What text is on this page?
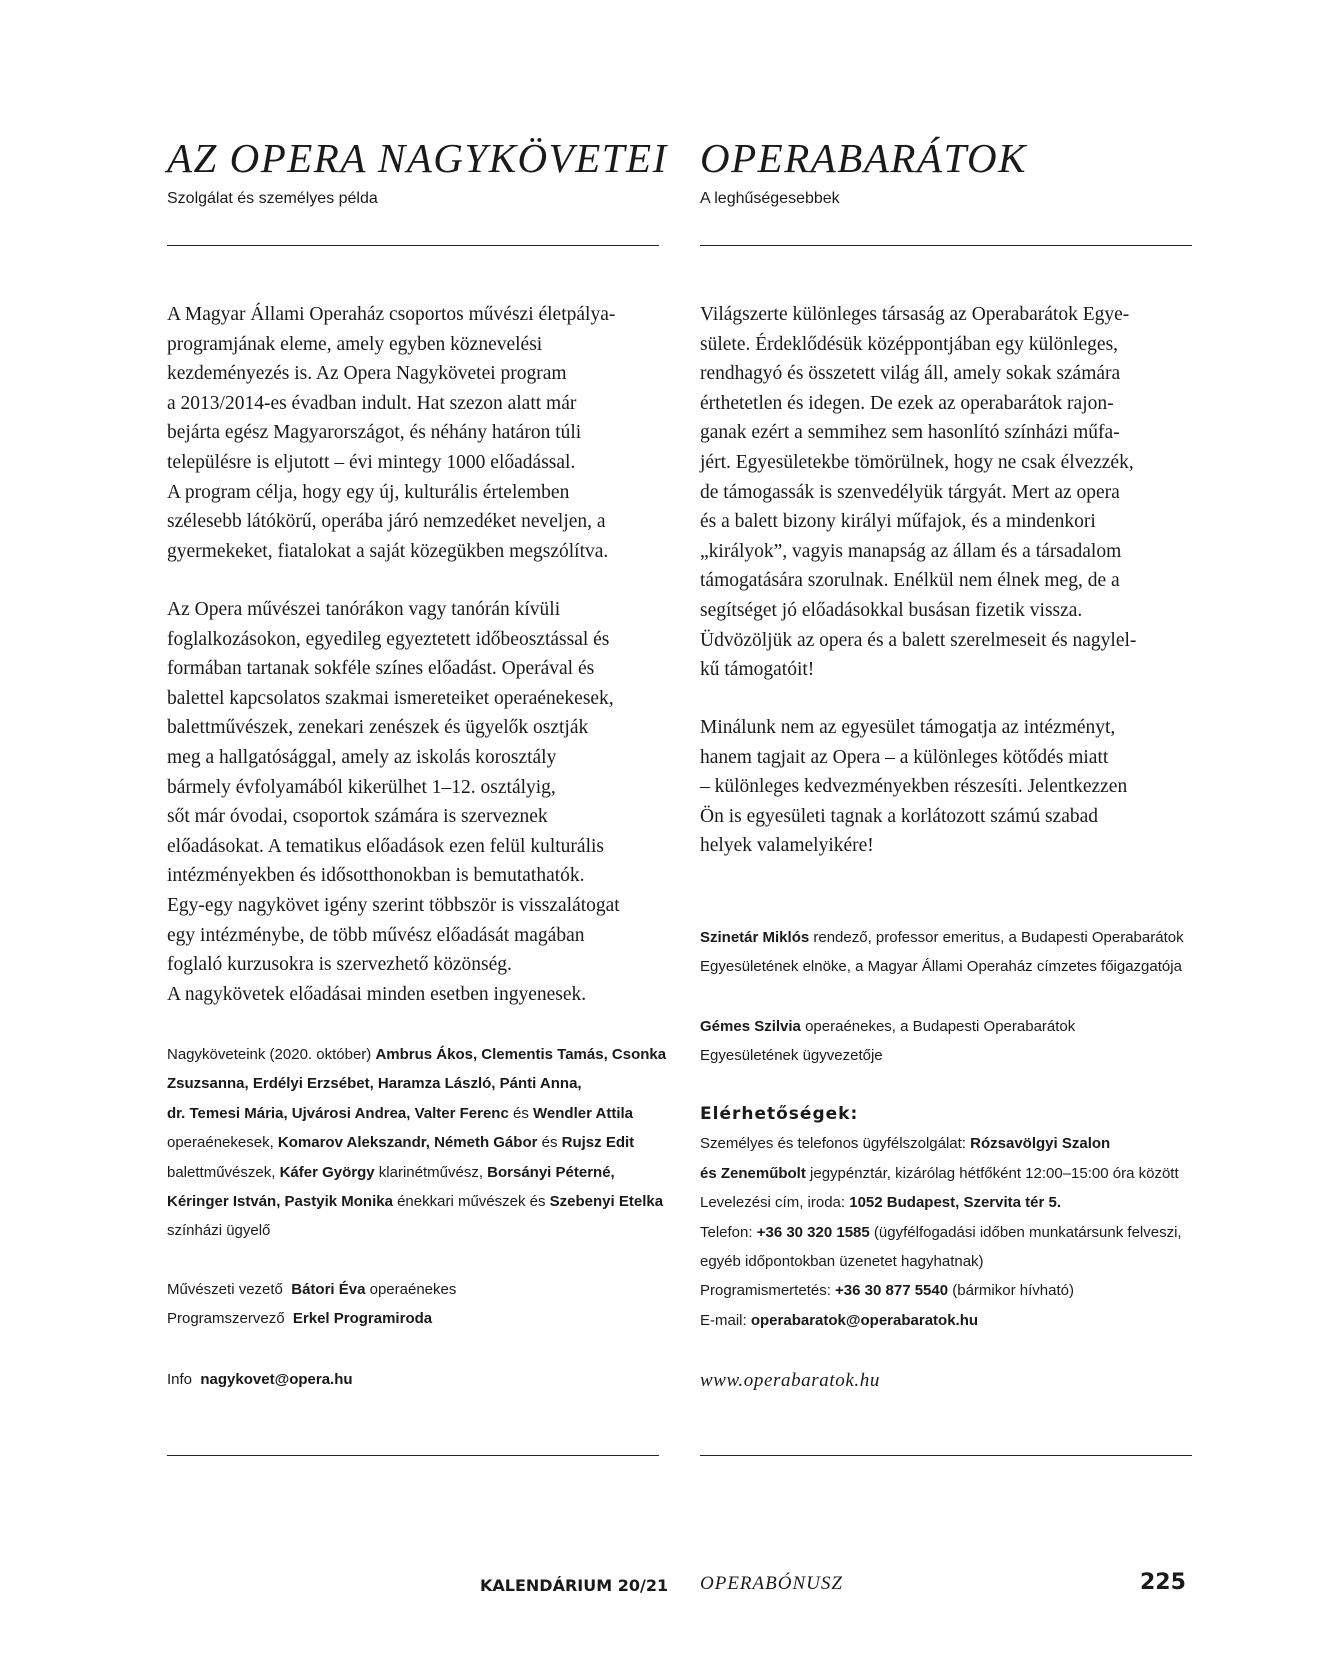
AZ OPERA NAGYKÖVETEI

Szolgálat és személyes példa

A Magyar Állami Operaház csoportos művészi életpálya-
programjának eleme, amely egyben köznevelési
kezdeményezés is. Az Opera Nagykövetei program
a 2013/2014-es évadban indult. Hat szezon alatt már
bejárta egész Magyarországot, és néhány határon túli
településre is eljutott – évi mintegy 1000 előadással.
A program célja, hogy egy új, kulturális értelemben
szélesebb látókörű, operába járó nemzedéket neveljen, a
gyermekeket, fiatalokat a saját közegükben megszólítva.

Az Opera művészei tanórákon vagy tanórán kívüli
foglalkozásokon, egyedileg egyeztetett időbeosztással és
formában tartanak sokféle színes előadást. Operával és
balettel kapcsolatos szakmai ismereteiket operaénekesek,
balettművészek, zenekari zenészek és ügyelők osztják
meg a hallgatósággal, amely az iskolás korosztály
bármely évfolyamából kikerülhet 1–12. osztályig,
sőt már óvodai, csoportok számára is szerveznek
előadásokat. A tematikus előadások ezen felül kulturális
intézményekben és idősotthonokban is bemutathatók.
Egy-egy nagykövet igény szerint többször is visszalátogat
egy intézménybe, de több művész előadását magában
foglaló kurzusokra is szervezhető közönség.
A nagykövetek előadásai minden esetben ingyenesek.

Nagyköveteink (2020. október) Ambrus Ákos, Clementis Tamás, Csonka
Zsuzsanna, Erdélyi Erzsébet, Haramza László, Pánti Anna,
dr. Temesi Mária, Ujvárosi Andrea, Valter Ferenc és Wendler Attila
operaénekesek, Komarov Alekszandr, Németh Gábor és Rujsz Edit
balettművészek, Káfer György klarinétművész, Borsányi Péterné,
Kéringer István, Pastyik Monika énekkari művészek és Szebenyi Etelka
színházi ügyelő
Művészeti vezető Bátori Éva operaénekes
Programszervező Erkel Programiroda
Info nagykovet@opera.hu
OPERABARÁTOK

A leghűségesebbek

Világszerte különleges társaság az Operabarátok Egye-
sülete. Érdeklődésük középpontjában egy különleges,
rendhagyó és összetett világ áll, amely sokak számára
érthetetlen és idegen. De ezek az operabarátok rajon-
ganak ezért a semmihez sem hasonlító színházi műfa-
jért. Egyesületekbe tömörülnek, hogy ne csak élvezzék,
de támogassák is szenvedélyük tárgyát. Mert az opera
és a balett bizony királyi műfajok, és a mindenkori
„királyok”, vagyis manapság az állam és a társadalom
támogatására szorulnak. Enélkül nem élnek meg, de a
segítséget jó előadásokkal busásan fizetik vissza.
Üdvözöljük az opera és a balett szerelmeseit és nagylel-
kű támogatóit!

Minálunk nem az egyesület támogatja az intézményt,
hanem tagjait az Opera – a különleges kötődés miatt
– különleges kedvezményekben részesíti. Jelentkezzen
Ön is egyesületi tagnak a korlátozott számú szabad
helyek valamelyikére!

Szinetár Miklós rendező, professor emeritus, a Budapesti Operabarátok
Egyesületének elnöke, a Magyar Állami Operaház címzetes főigazgatója
Gémes Szilvia operaénekes, a Budapesti Operabarátok
Egyesületének ügyvezetője
Elérhetőségek:
Személyes és telefonos ügyfélszolgálat: Rózsavölgyi Szalon
és Zeneműbolt jegypénztár, kizárólag hétfőként 12:00–15:00 óra között
Levelezési cím, iroda: 1052 Budapest, Szervita tér 5.
Telefon: +36 30 320 1585 (ügyfélfogadási időben munkatársunk felveszi,
egyéb időpontokban üzenetet hagyhatnak)
Programismertetés: +36 30 877 5540 (bármikor hívható)
E-mail: operabaratok@operabaratok.hu

www.operabaratok.hu

KALENDÁRIUM 20/21 OPERABÓNUSZ	225
